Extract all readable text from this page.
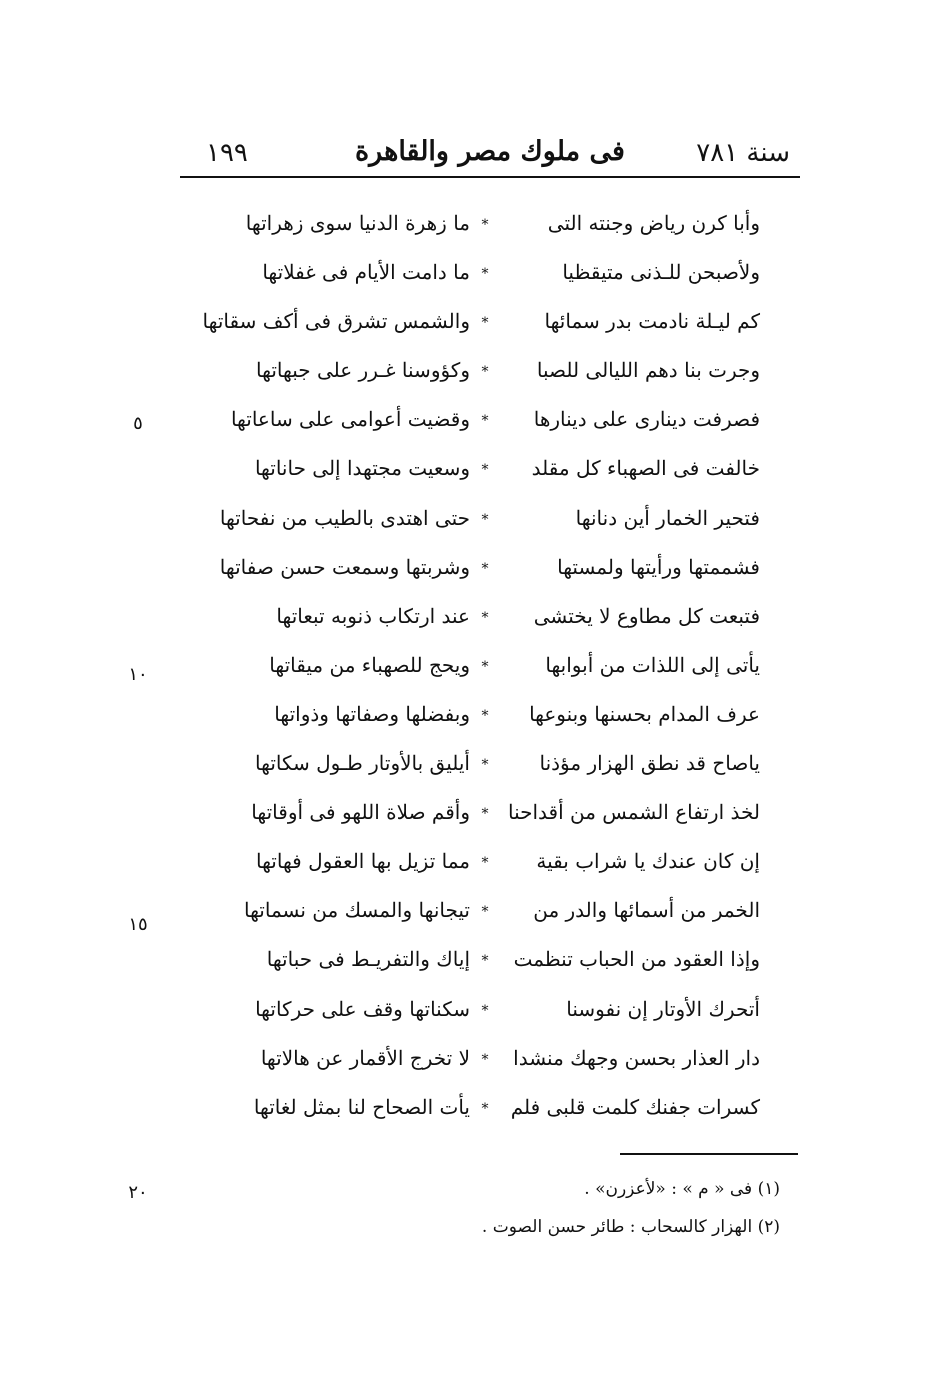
سنة ٧٨١
فى ملوك مصر والقاهرة
١٩٩
وأبا كرن رياض وجنته التى
*
ما زهرة الدنيا سوى زهراتها
ولأصبحن للـذنى متيقظيا
*
ما دامت الأيام فى غفلاتها
كم ليـلة نادمت بدر سمائها
*
والشمس تشرق فى أكف سقاتها
وجرت بنا دهم الليالى للصبا
*
وكؤوسنا غـرر على جبهاتها
فصرفت دينارى على دينارها
*
وقضيت أعوامى على ساعاتها
خالفت فى الصهباء كل مقلد
*
وسعيت مجتهدا إلى حاناتها
فتحير الخمار أين دنانها
*
حتى اهتدى بالطيب من نفحاتها
فشممتها ورأيتها ولمستها
*
وشربتها وسمعت حسن صفاتها
فتبعت كل مطاوع لا يختشى
*
عند ارتكاب ذنوبه تبعاتها
يأتى إلى اللذات من أبوابها
*
ويحج للصهباء من ميقاتها
عرف المدام بحسنها وبنوعها
*
وبفضلها وصفاتها وذواتها
ياصاح قد نطق الهزار مؤذنا
*
أيليق بالأوتار طـول سكاتها
لخذ ارتفاع الشمس من أقداحنا
*
وأقم صلاة اللهو فى أوقاتها
إن كان عندك يا شراب بقية
*
مما تزيل بها العقول فهاتها
الخمر من أسمائها والدر من
*
تيجانها والمسك من نسماتها
وإذا العقود من الحباب تنظمت
*
إياك والتفريـط فى حباتها
أتحرك الأوتار إن نفوسنا
*
سكناتها وقف على حركاتها
دار العذار بحسن وجهك منشدا
*
لا تخرج الأقمار عن هالاتها
كسرات جفنك كلمت قلبى فلم
*
يأت الصحاح لنا بمثل لغاتها
٥
١٠
١٥
٢٠	(١) فى « م » : «لأعزرن» .
(٢) الهزار كالسحاب : طائر حسن الصوت .
